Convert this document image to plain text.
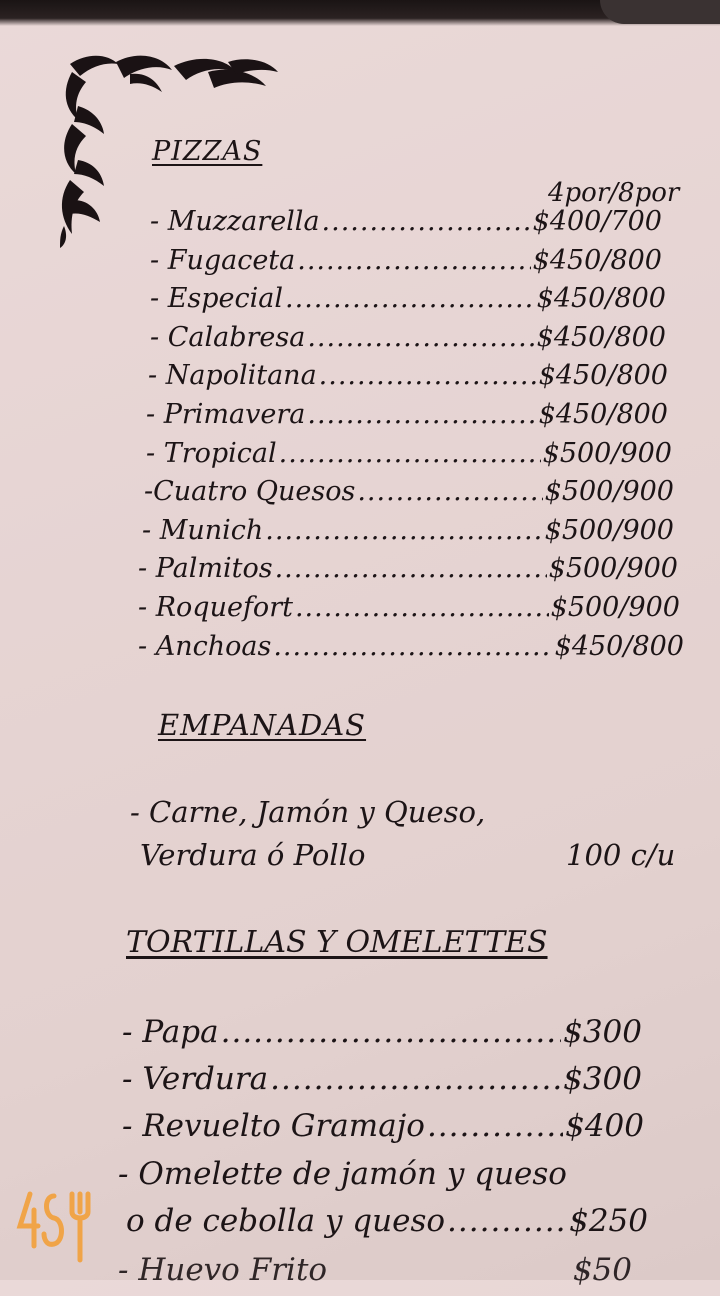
PIZZAS
4por/8por
- Muzzarella .....	$400/700
- Fugaceta .....	$450/800
- Especial .....	$450/800
- Calabresa .....	$450/800
- Napolitana .....	$450/800
- Primavera .....	$450/800
- Tropical .....	$500/900
-Cuatro Quesos .....	$500/900
- Munich .....	$500/900
- Palmitos .....	$500/900
- Roquefort .....	$500/900
- Anchoas .....	$450/800
EMPANADAS
- Carne, Jamón y Queso,
Verdura ó Pollo	100 c/u
TORTILLAS Y OMELETTES
- Papa .....	$300
- Verdura .....	$300
- Revuelto Gramajo .....	$400
- Omelette de jamón y queso
o de cebolla y queso .....	$250
- Huevo Frito	$50
